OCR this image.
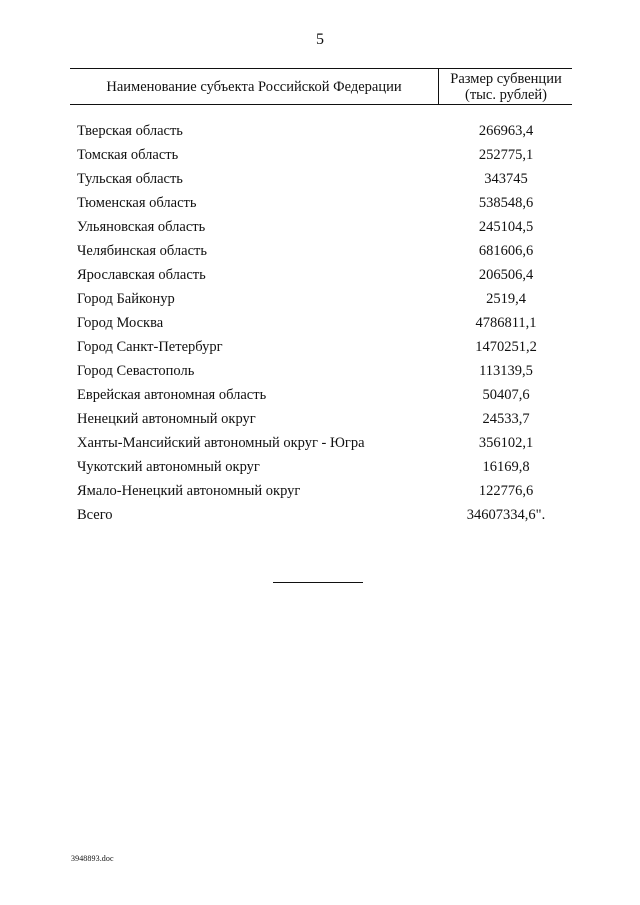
5
Наименование субъекта Российской Федерации	Размер субвенции
(тыс. рублей)
Тверская область	266963,4
Томская область	252775,1
Тульская область	343745
Тюменская область	538548,6
Ульяновская область	245104,5
Челябинская область	681606,6
Ярославская область	206506,4
Город Байконур	2519,4
Город Москва	4786811,1
Город Санкт-Петербург	1470251,2
Город Севастополь	113139,5
Еврейская автономная область	50407,6
Ненецкий автономный округ	24533,7
Ханты-Мансийский автономный округ - Югра	356102,1
Чукотский автономный округ	16169,8
Ямало-Ненецкий автономный округ	122776,6
Всего	34607334,6".
3948893.doc
